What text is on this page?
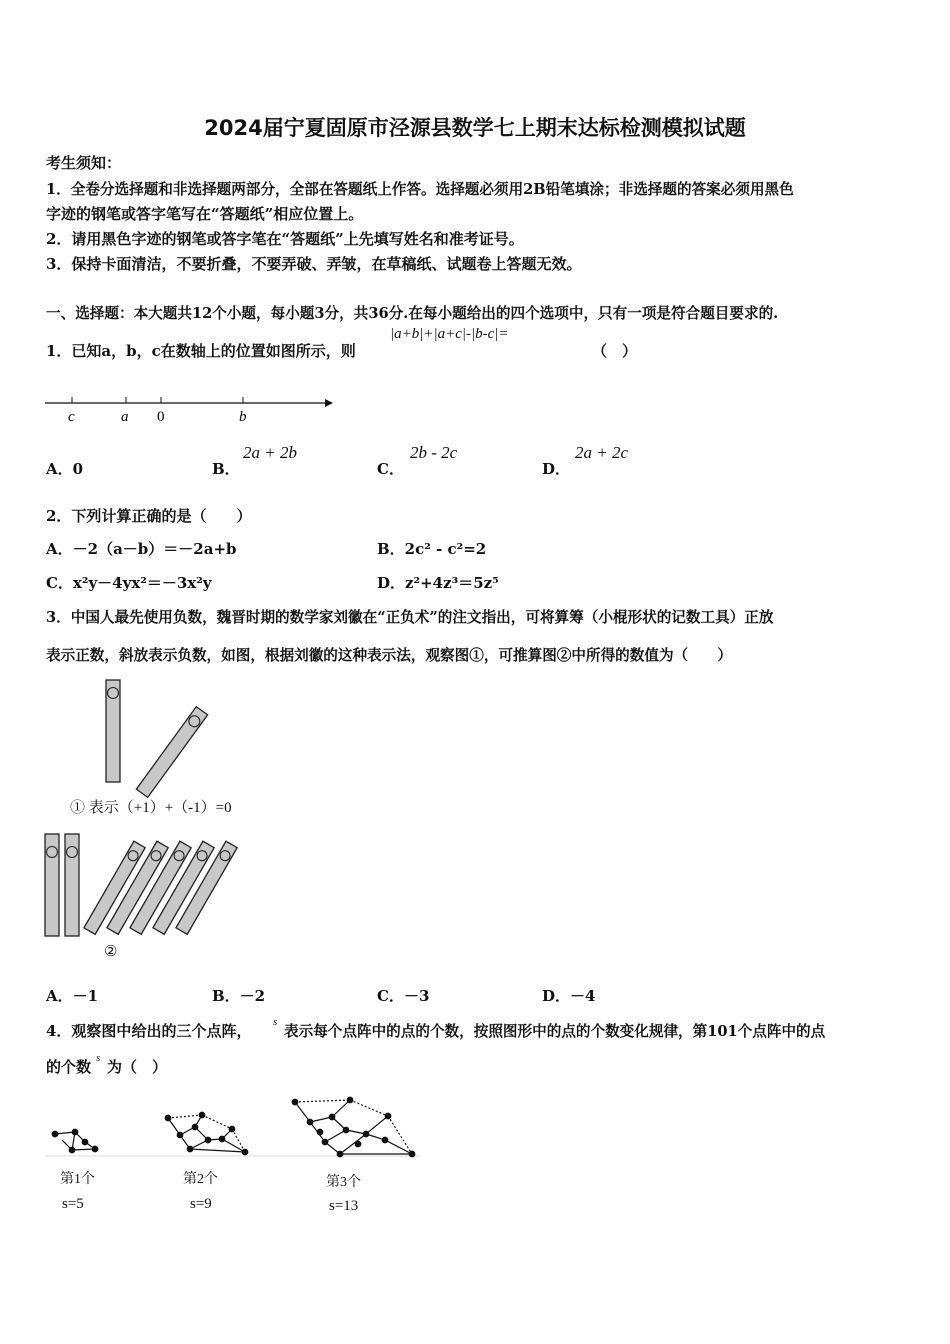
2024届宁夏固原市泾源县数学七上期末达标检测模拟试题
考生须知：
1．全卷分选择题和非选择题两部分，全部在答题纸上作答。选择题必须用2B铅笔填涂；非选择题的答案必须用黑色
字迹的钢笔或答字笔写在“答题纸”相应位置上。
2．请用黑色字迹的钢笔或答字笔在“答题纸”上先填写姓名和准考证号。
3．保持卡面清洁，不要折叠，不要弄破、弄皱，在草稿纸、试题卷上答题无效。
一、选择题：本大题共12个小题，每小题3分，共36分.在每小题给出的四个选项中，只有一项是符合题目要求的.
1．已知a，b，c在数轴上的位置如图所示，则
|a+b|+|a+c|-|b-c|=
（　）
c	a 0	b
A．0	B．
2a + 2b
C．
2b - 2c
D．
2a + 2c
2．下列计算正确的是（　　）
A．－2（a－b）＝－2a+b	B．2c² - c²=2
C．x²y－4yx²＝－3x²y	D．z²+4z³＝5z⁵
3．中国人最先使用负数，魏晋时期的数学家刘徽在“正负术”的注文指出，可将算筹（小棍形状的记数工具）正放
表示正数，斜放表示负数，如图，根据刘徽的这种表示法，观察图①，可推算图②中所得的数值为（　　）
① 表示（+1）+（-1）=0
②
A．－1	B．－2	C．－3	D．－4
4．观察图中给出的三个点阵， s
表示每个点阵中的点的个数，按照图形中的点的个数变化规律，第101个点阵中的点
的个数 s 为（　）
第1个
s=5
第2个
s=9
第3个
s=13
